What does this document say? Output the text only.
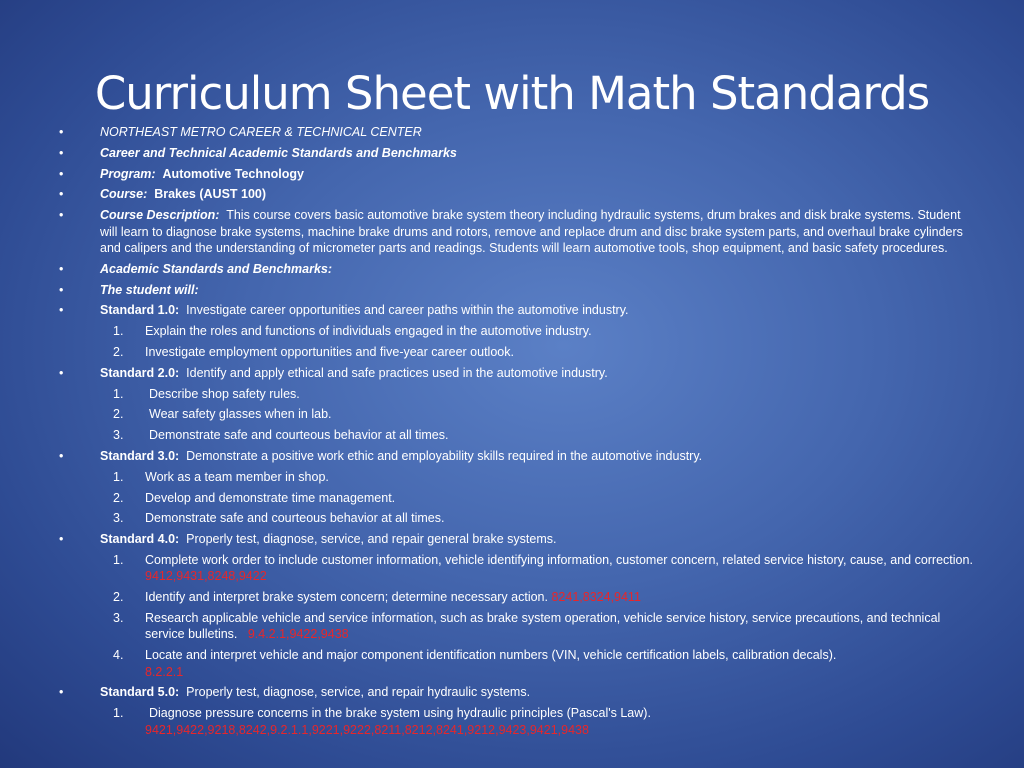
Curriculum Sheet with Math Standards
•	NORTHEAST METRO CAREER & TECHNICAL CENTER
•	Career and Technical Academic Standards and Benchmarks
•	Program: Automotive Technology
•	Course: Brakes (AUST 100)
•	Course Description: This course covers basic automotive brake system theory including hydraulic systems, drum brakes and disk brake systems. Student will learn to diagnose brake systems, machine brake drums and rotors, remove and replace drum and disc brake system parts, and overhaul brake cylinders and calipers and the understanding of micrometer parts and readings. Students will learn automotive tools, shop equipment, and basic safety procedures.
•	Academic Standards and Benchmarks:
•	The student will:
•	Standard 1.0: Investigate career opportunities and career paths within the automotive industry.
1. Explain the roles and functions of individuals engaged in the automotive industry.
2. Investigate employment opportunities and five-year career outlook.
•	Standard 2.0: Identify and apply ethical and safe practices used in the automotive industry.
1. Describe shop safety rules.
2. Wear safety glasses when in lab.
3. Demonstrate safe and courteous behavior at all times.
•	Standard 3.0: Demonstrate a positive work ethic and employability skills required in the automotive industry.
1. Work as a team member in shop.
2. Develop and demonstrate time management.
3. Demonstrate safe and courteous behavior at all times.
•	Standard 4.0: Properly test, diagnose, service, and repair general brake systems.
1. Complete work order to include customer information, vehicle identifying information, customer concern, related service history, cause, and correction. 9412,9431,8248,9422
2. Identify and interpret brake system concern; determine necessary action. 8241,8324,9411
3. Research applicable vehicle and service information, such as brake system operation, vehicle service history, service precautions, and technical service bulletins. 9.4.2.1,9422,9438
4. Locate and interpret vehicle and major component identification numbers (VIN, vehicle certification labels, calibration decals).
8.2.2.1
•	Standard 5.0: Properly test, diagnose, service, and repair hydraulic systems.
1. Diagnose pressure concerns in the brake system using hydraulic principles (Pascal's Law).
9421,9422,9218,8242,9.2.1.1,9221,9222,8211,8212,8241,9212,9423,9421,9438
